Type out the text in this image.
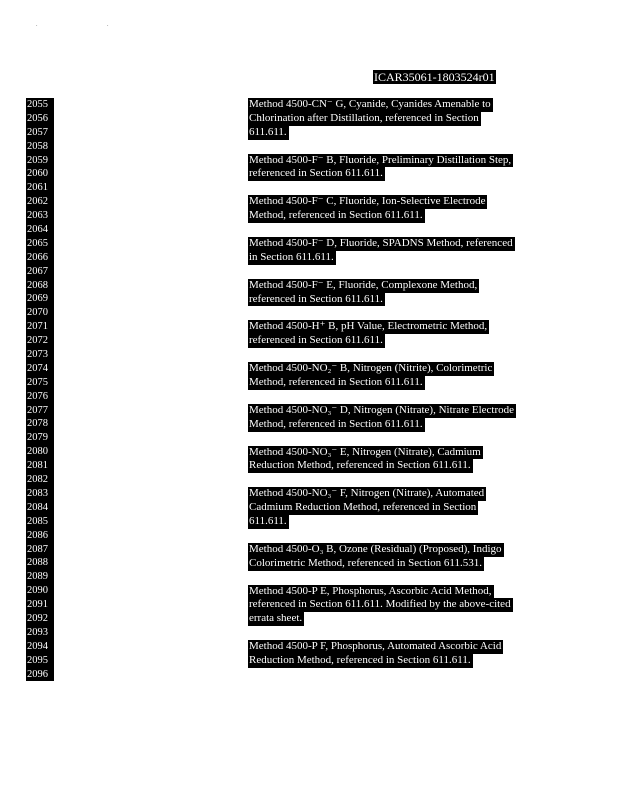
. .
ICAR35061-1803524r01
2055
2056
2057
2058
2059
2060
2061
2062
2063
2064
2065
2066
2067
2068
2069
2070
2071
2072
2073
2074
2075
2076
2077
2078
2079
2080
2081
2082
2083
2084
2085
2086
2087
2088
2089
2090
2091
2092
2093
2094
2095
2096
Method 4500-CN⁻ G, Cyanide, Cyanides Amenable to
Chlorination after Distillation, referenced in Section
611.611.
Method 4500-F⁻ B, Fluoride, Preliminary Distillation Step,
referenced in Section 611.611.
Method 4500-F⁻ C, Fluoride, Ion-Selective Electrode
Method, referenced in Section 611.611.
Method 4500-F⁻ D, Fluoride, SPADNS Method, referenced
in Section 611.611.
Method 4500-F⁻ E, Fluoride, Complexone Method,
referenced in Section 611.611.
Method 4500-H⁺ B, pH Value, Electrometric Method,
referenced in Section 611.611.
Method 4500-NO₂⁻ B, Nitrogen (Nitrite), Colorimetric
Method, referenced in Section 611.611.
Method 4500-NO₃⁻ D, Nitrogen (Nitrate), Nitrate Electrode
Method, referenced in Section 611.611.
Method 4500-NO₃⁻ E, Nitrogen (Nitrate), Cadmium
Reduction Method, referenced in Section 611.611.
Method 4500-NO₃⁻ F, Nitrogen (Nitrate), Automated
Cadmium Reduction Method, referenced in Section
611.611.
Method 4500-O₃ B, Ozone (Residual) (Proposed), Indigo
Colorimetric Method, referenced in Section 611.531.
Method 4500-P E, Phosphorus, Ascorbic Acid Method,
referenced in Section 611.611. Modified by the above-cited
errata sheet.
Method 4500-P F, Phosphorus, Automated Ascorbic Acid
Reduction Method, referenced in Section 611.611.
